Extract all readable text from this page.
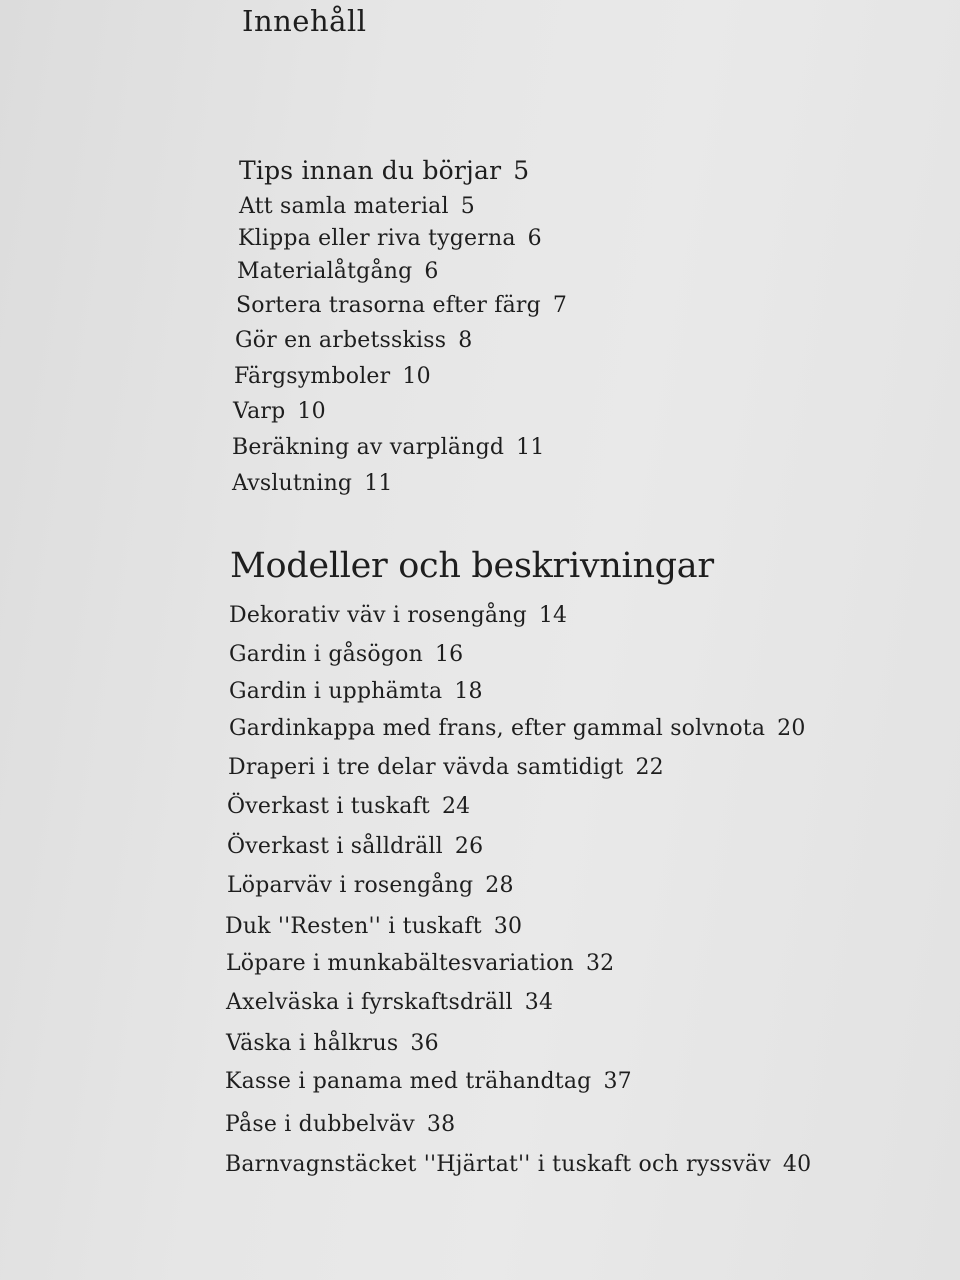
Innehåll
Tips innan du börjar 5
Att samla material 5
Klippa eller riva tygerna 6
Materialåtgång 6
Sortera trasorna efter färg 7
Gör en arbetsskiss 8
Färgsymboler 10
Varp 10
Beräkning av varplängd 11
Avslutning 11
Modeller och beskrivningar
Dekorativ väv i rosengång 14
Gardin i gåsögon 16
Gardin i upphämta 18
Gardinkappa med frans, efter gammal solvnota 20
Draperi i tre delar vävda samtidigt 22
Överkast i tuskaft 24
Överkast i sålldräll 26
Löparväv i rosengång 28
Duk ''Resten'' i tuskaft 30
Löpare i munkabältesvariation 32
Axelväska i fyrskaftsdräll 34
Väska i hålkrus 36
Kasse i panama med trähandtag 37
Påse i dubbelväv 38
Barnvagnstäcket ''Hjärtat'' i tuskaft och ryssväv 40
